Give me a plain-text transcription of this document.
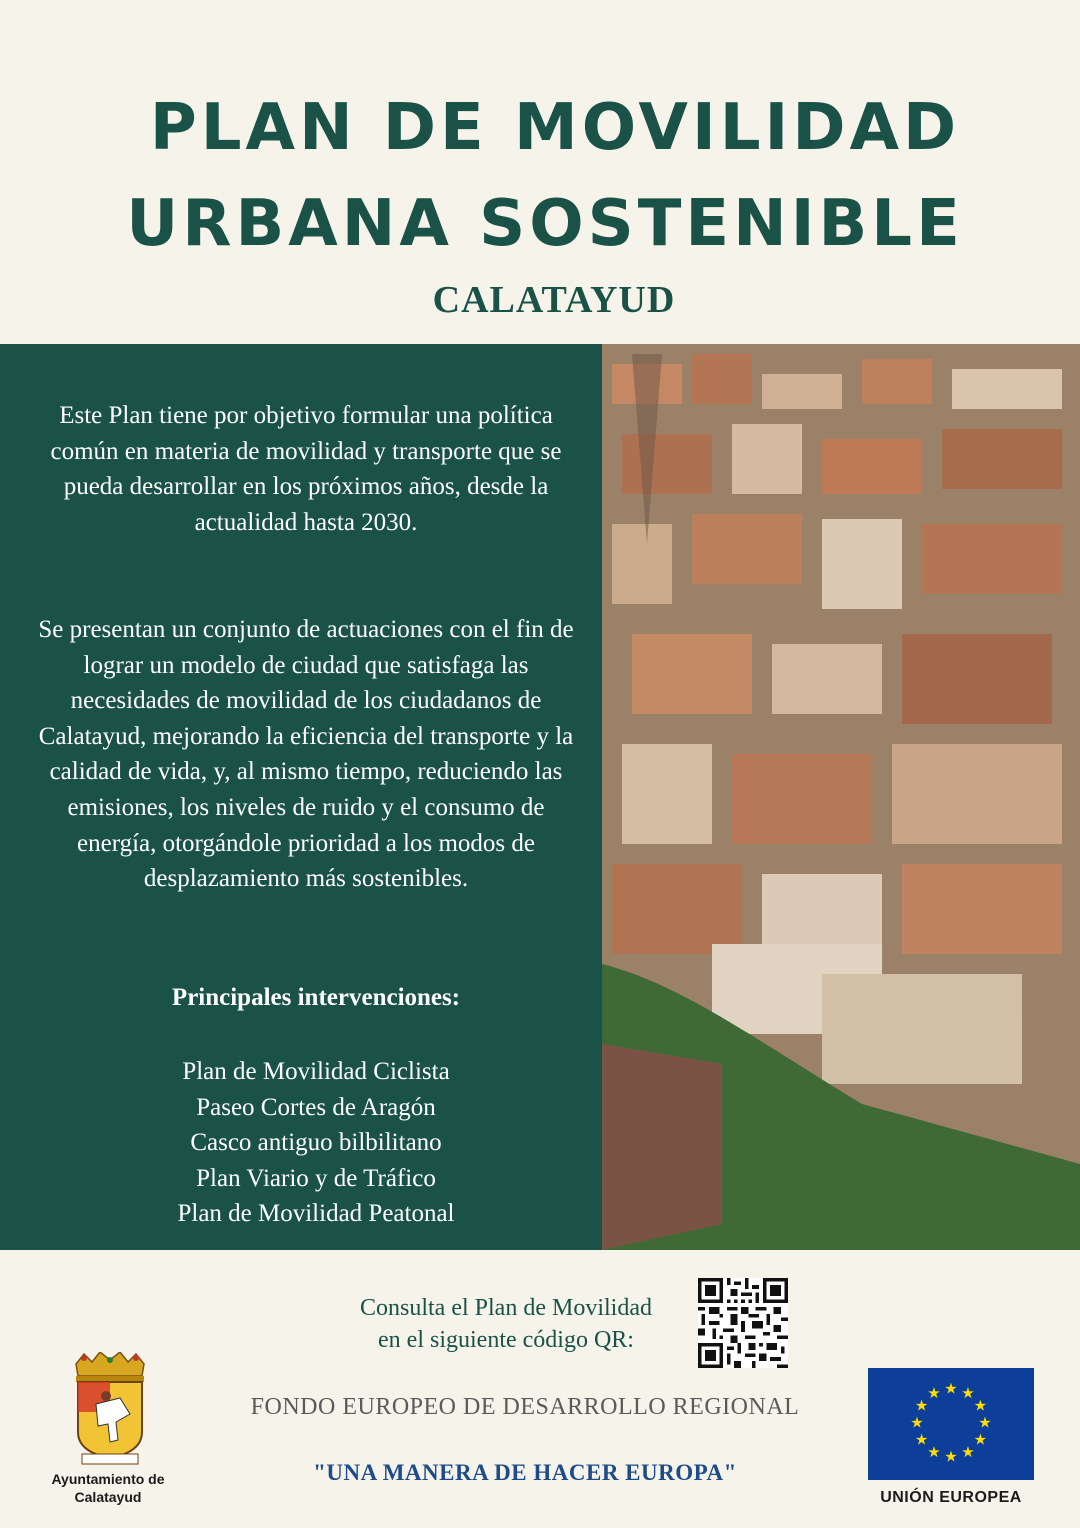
PLAN DE MOVILIDAD
URBANA SOSTENIBLE
CALATAYUD

Este Plan tiene por objetivo formular una política común en materia de movilidad y transporte que se pueda desarrollar en los próximos años, desde la actualidad hasta 2030.

Se presentan un conjunto de actuaciones con el fin de lograr un modelo de ciudad que satisfaga las necesidades de movilidad de los ciudadanos de Calatayud, mejorando la eficiencia del transporte y la calidad de vida, y, al mismo tiempo, reduciendo las emisiones, los niveles de ruido y el consumo de energía, otorgándole prioridad a los modos de desplazamiento más sostenibles.

Principales intervenciones:

Plan de Movilidad Ciclista
Paseo Cortes de Aragón
Casco antiguo bilbilitano
Plan Viario y de Tráfico
Plan de Movilidad Peatonal

Consulta el Plan de Movilidad
en el siguiente código QR:

FONDO EUROPEO DE DESARROLLO REGIONAL

"UNA MANERA DE HACER EUROPA"

Ayuntamiento de
Calatayud

★ ★
★
★
★
★
★
★
★
★
★
★

UNIÓN EUROPEA
